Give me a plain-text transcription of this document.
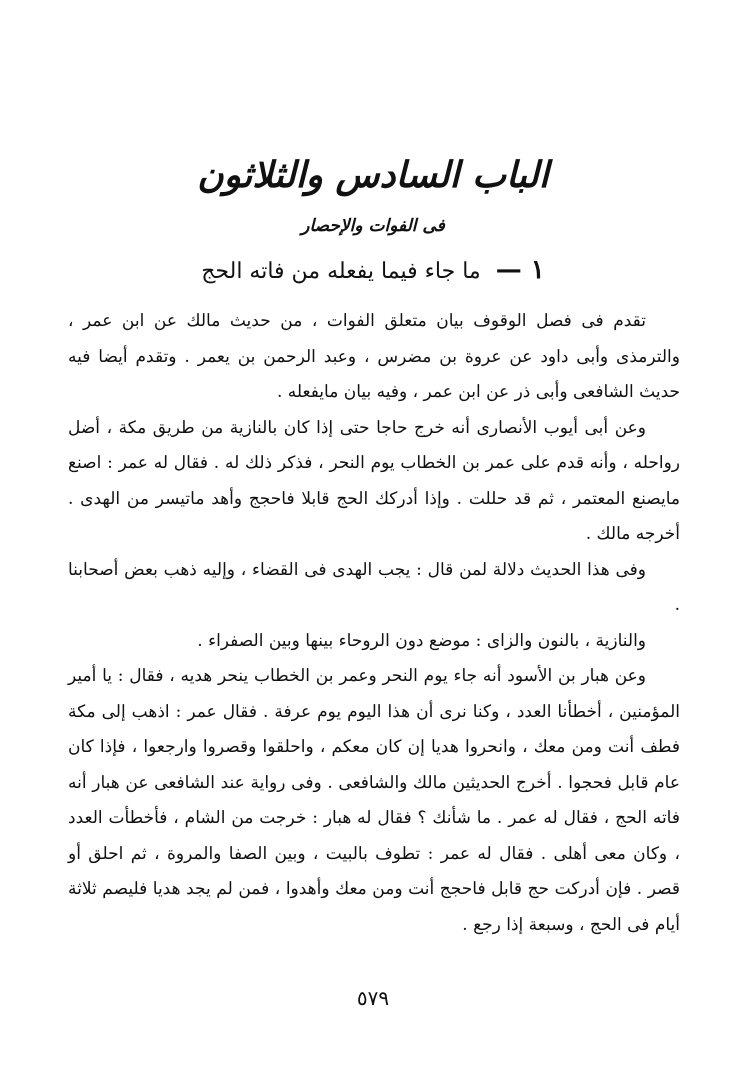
الباب السادس والثلاثون
فى الفوات والإحصار
١ — ما جاء فيما يفعله من فاته الحج

تقدم فى فصل الوقوف بيان متعلق الفوات ، من حديث مالك عن ابن عمر ، والترمذى وأبى داود عن عروة بن مضرس ، وعبد الرحمن بن يعمر . وتقدم أيضا فيه حديث الشافعى وأبى ذر عن ابن عمر ، وفيه بيان مايفعله .

وعن أبى أيوب الأنصارى أنه خرج حاجا حتى إذا كان بالنازية من طريق مكة ، أضل رواحله ، وأنه قدم على عمر بن الخطاب يوم النحر ، فذكر ذلك له . فقال له عمر : اصنع مايصنع المعتمر ، ثم قد حللت . وإذا أدركك الحج قابلا فاحجج وأهد ماتيسر من الهدى . أخرجه مالك .

وفى هذا الحديث دلالة لمن قال : يجب الهدى فى القضاء ، وإليه ذهب بعض أصحابنا .

والنازية ، بالنون والزاى : موضع دون الروحاء بينها وبين الصفراء .

وعن هبار بن الأسود أنه جاء يوم النحر وعمر بن الخطاب ينحر هديه ، فقال : يا أمير المؤمنين ، أخطأنا العدد ، وكنا نرى أن هذا اليوم يوم عرفة . فقال عمر : اذهب إلى مكة فطف أنت ومن معك ، وانحروا هديا إن كان معكم ، واحلقوا وقصروا وارجعوا ، فإذا كان عام قابل فحجوا . أخرج الحديثين مالك والشافعى . وفى رواية عند الشافعى عن هبار أنه فاته الحج ، فقال له عمر . ما شأنك ؟ فقال له هبار : خرجت من الشام ، فأخطأت العدد ، وكان معى أهلى . فقال له عمر : تطوف بالبيت ، وبين الصفا والمروة ، ثم احلق أو قصر . فإن أدركت حج قابل فاحجج أنت ومن معك وأهدوا ، فمن لم يجد هديا فليصم ثلاثة أيام فى الحج ، وسبعة إذا رجع .

٥٧٩
